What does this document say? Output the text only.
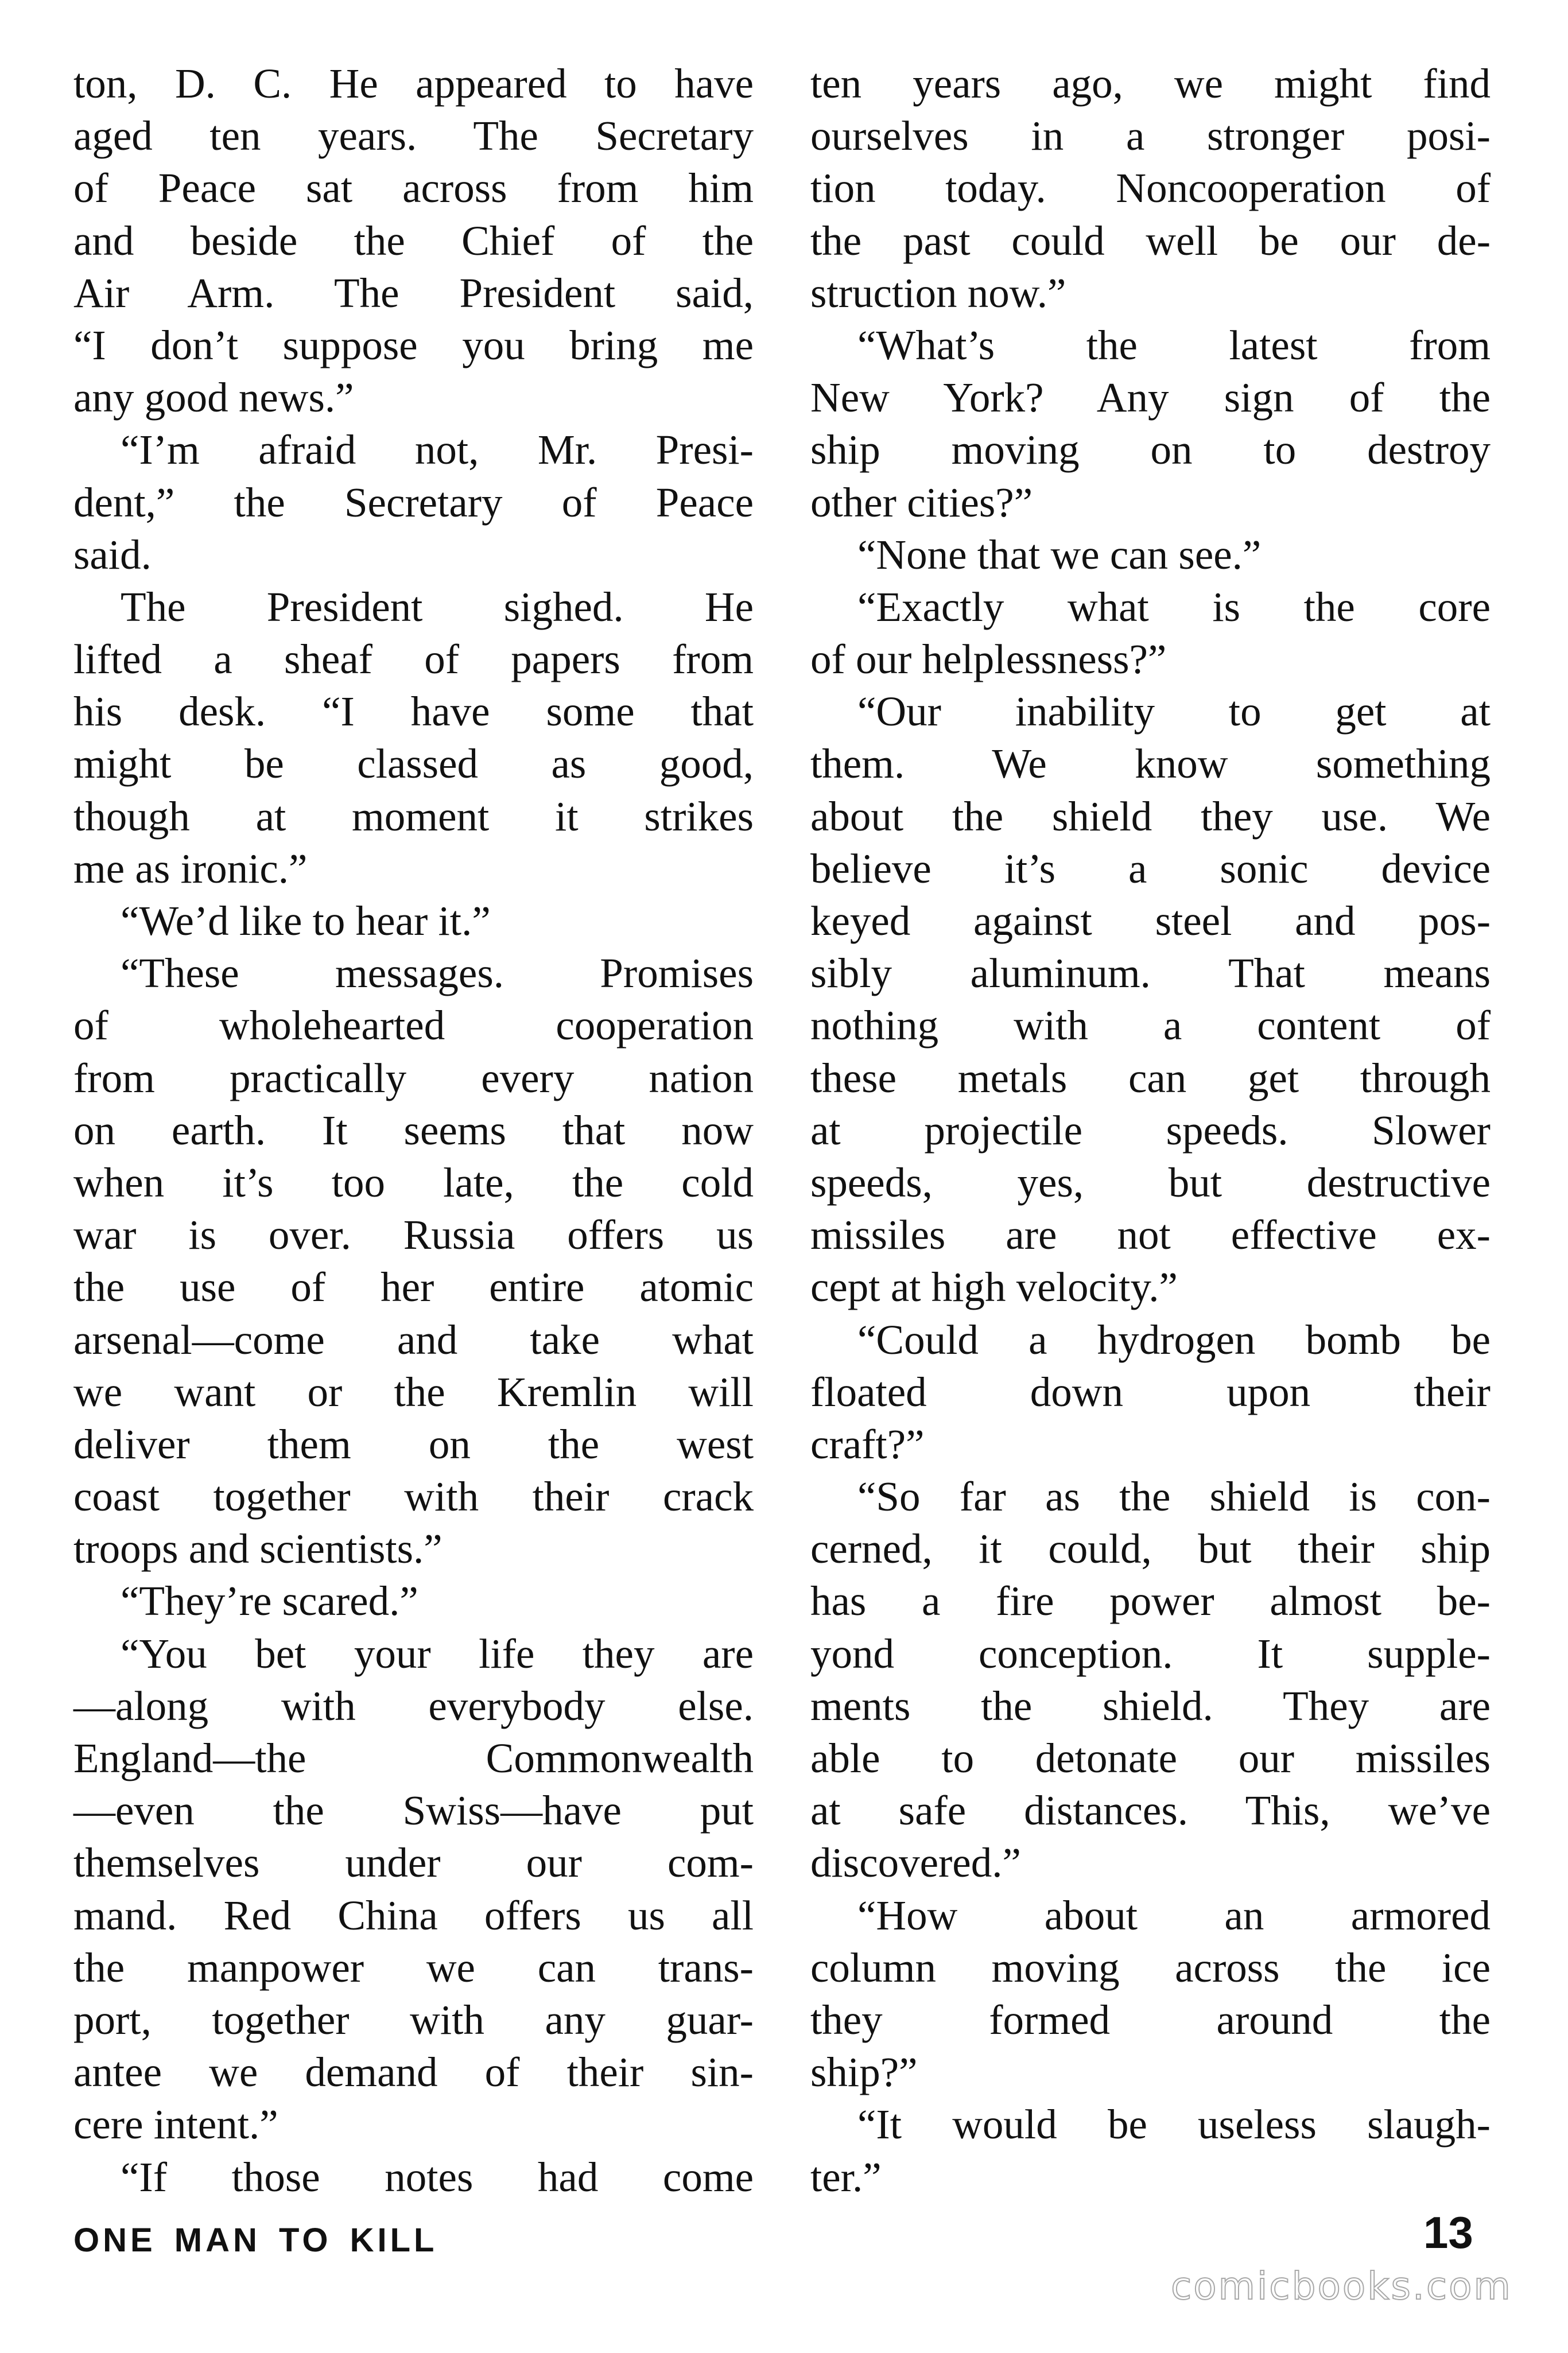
ton, D. C. He appeared to have
aged ten years. The Secretary
of Peace sat across from him
and beside the Chief of the
Air Arm. The President said,
“I don’t suppose you bring me
any good news.”
“I’m afraid not, Mr. Presi-
dent,” the Secretary of Peace
said.
The President sighed. He
lifted a sheaf of papers from
his desk. “I have some that
might be classed as good,
though at moment it strikes
me as ironic.”
“We’d like to hear it.”
“These messages. Promises
of wholehearted cooperation
from practically every nation
on earth. It seems that now
when it’s too late, the cold
war is over. Russia offers us
the use of her entire atomic
arsenal—come and take what
we want or the Kremlin will
deliver them on the west
coast together with their crack
troops and scientists.”
“They’re scared.”
“You bet your life they are
—along with everybody else.
England—the Commonwealth
—even the Swiss—have put
themselves under our com-
mand. Red China offers us all
the manpower we can trans-
port, together with any guar-
antee we demand of their sin-
cere intent.”
“If those notes had come
ten years ago, we might find
ourselves in a stronger posi-
tion today. Noncooperation of
the past could well be our de-
struction now.”
“What’s the latest from
New York? Any sign of the
ship moving on to destroy
other cities?”
“None that we can see.”
“Exactly what is the core
of our helplessness?”
“Our inability to get at
them. We know something
about the shield they use. We
believe it’s a sonic device
keyed against steel and pos-
sibly aluminum. That means
nothing with a content of
these metals can get through
at projectile speeds. Slower
speeds, yes, but destructive
missiles are not effective ex-
cept at high velocity.”
“Could a hydrogen bomb be
floated down upon their
craft?”
“So far as the shield is con-
cerned, it could, but their ship
has a fire power almost be-
yond conception. It supple-
ments the shield. They are
able to detonate our missiles
at safe distances. This, we’ve
discovered.”
“How about an armored
column moving across the ice
they formed around the
ship?”
“It would be useless slaugh-
ter.”
ONE MAN TO KILL	13
comicbooks.com
